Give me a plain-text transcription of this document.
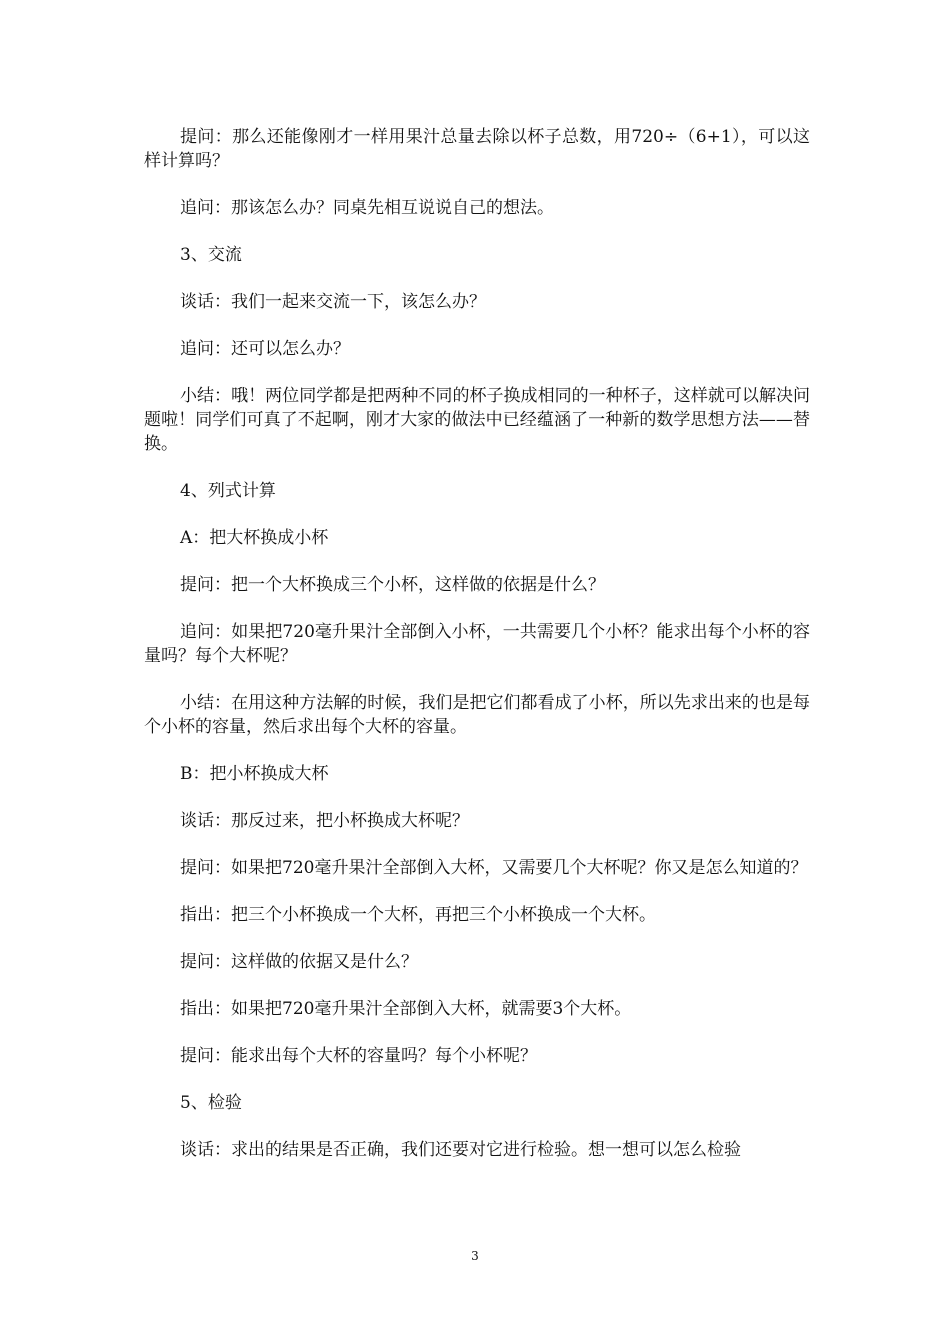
提问：那么还能像刚才一样用果汁总量去除以杯子总数，用720÷（6+1），可以这样计算吗？

追问：那该怎么办？同桌先相互说说自己的想法。

3、交流

谈话：我们一起来交流一下，该怎么办？

追问：还可以怎么办？

小结：哦！两位同学都是把两种不同的杯子换成相同的一种杯子，这样就可以解决问题啦！同学们可真了不起啊，刚才大家的做法中已经蕴涵了一种新的数学思想方法——替换。

4、列式计算

A：把大杯换成小杯

提问：把一个大杯换成三个小杯，这样做的依据是什么？

追问：如果把720毫升果汁全部倒入小杯，一共需要几个小杯？能求出每个小杯的容量吗？每个大杯呢？

小结：在用这种方法解的时候，我们是把它们都看成了小杯，所以先求出来的也是每个小杯的容量，然后求出每个大杯的容量。

B：把小杯换成大杯

谈话：那反过来，把小杯换成大杯呢？

提问：如果把720毫升果汁全部倒入大杯，又需要几个大杯呢？你又是怎么知道的？

指出：把三个小杯换成一个大杯，再把三个小杯换成一个大杯。

提问：这样做的依据又是什么？

指出：如果把720毫升果汁全部倒入大杯，就需要3个大杯。

提问：能求出每个大杯的容量吗？每个小杯呢？

5、检验

谈话：求出的结果是否正确，我们还要对它进行检验。想一想可以怎么检验

3
